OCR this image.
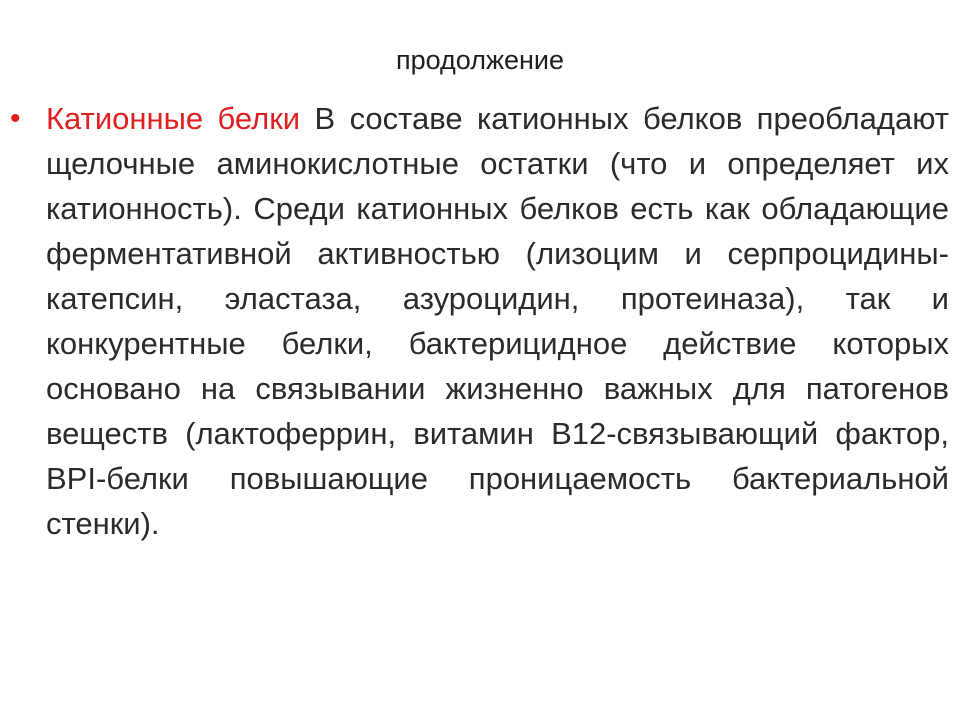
продолжение
• Катионные белки В составе катионных белков преобладают щелочные аминокислотные остатки (что и определяет их катионность). Среди катионных белков есть как обладающие ферментативной активностью (лизоцим и серпроцидины-катепсин, эластаза, азуроцидин, протеиназа), так и конкурентные белки, бактерицидное действие которых основано на связывании жизненно важных для патогенов веществ (лактоферрин, витамин В12-связывающий фактор, BPI-белки повышающие проницаемость бактериальной стенки).
